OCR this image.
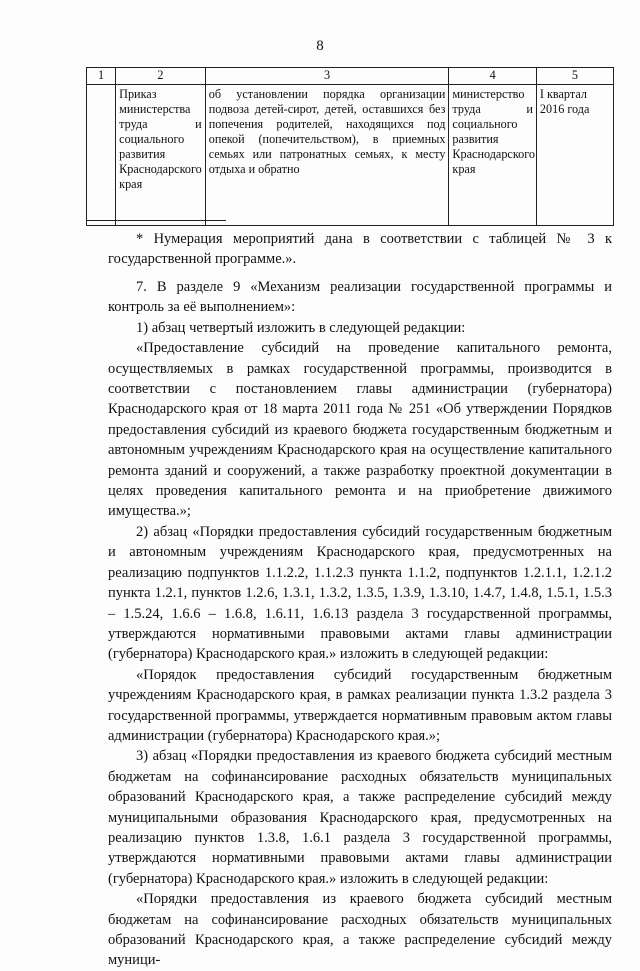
8
1	2	3	4	5
	Приказ министерства труда и социального развития Краснодарского края	об установлении порядка организации подвоза детей-сирот, детей, оставшихся без попечения родителей, находящихся под опекой (попечительством), в приемных семьях или патронатных семьях, к месту отдыха и обратно	министерство труда и социального развития Краснодарского края	I квартал 2016 года

* Нумерация мероприятий дана в соответствии с таблицей № 3 к государственной программе.».

7. В разделе 9 «Механизм реализации государственной программы и контроль за её выполнением»:

1) абзац четвертый изложить в следующей редакции:

«Предоставление субсидий на проведение капитального ремонта, осуществляемых в рамках государственной программы, производится в соответствии с постановлением главы администрации (губернатора) Краснодарского края от 18 марта 2011 года № 251 «Об утверждении Порядков предоставления субсидий из краевого бюджета государственным бюджетным и автономным учреждениям Краснодарского края на осуществление капитального ремонта зданий и сооружений, а также разработку проектной документации в целях проведения капитального ремонта и на приобретение движимого имущества.»;

2) абзац «Порядки предоставления субсидий государственным бюджетным и автономным учреждениям Краснодарского края, предусмотренных на реализацию подпунктов 1.1.2.2, 1.1.2.3 пункта 1.1.2, подпунктов 1.2.1.1, 1.2.1.2 пункта 1.2.1, пунктов 1.2.6, 1.3.1, 1.3.2, 1.3.5, 1.3.9, 1.3.10, 1.4.7, 1.4.8, 1.5.1, 1.5.3 – 1.5.24, 1.6.6 – 1.6.8, 1.6.11, 1.6.13 раздела 3 государственной программы, утверждаются нормативными правовыми актами главы администрации (губернатора) Краснодарского края.» изложить в следующей редакции:

«Порядок предоставления субсидий государственным бюджетным учреждениям Краснодарского края, в рамках реализации пункта 1.3.2 раздела 3 государственной программы, утверждается нормативным правовым актом главы администрации (губернатора) Краснодарского края.»;

3) абзац «Порядки предоставления из краевого бюджета субсидий местным бюджетам на софинансирование расходных обязательств муниципальных образований Краснодарского края, а также распределение субсидий между муниципальными образования Краснодарского края, предусмотренных на реализацию пунктов 1.3.8, 1.6.1 раздела 3 государственной программы, утверждаются нормативными правовыми актами главы администрации (губернатора) Краснодарского края.» изложить в следующей редакции:

«Порядки предоставления из краевого бюджета субсидий местным бюджетам на софинансирование расходных обязательств муниципальных образований Краснодарского края, а также распределение субсидий между муници-
